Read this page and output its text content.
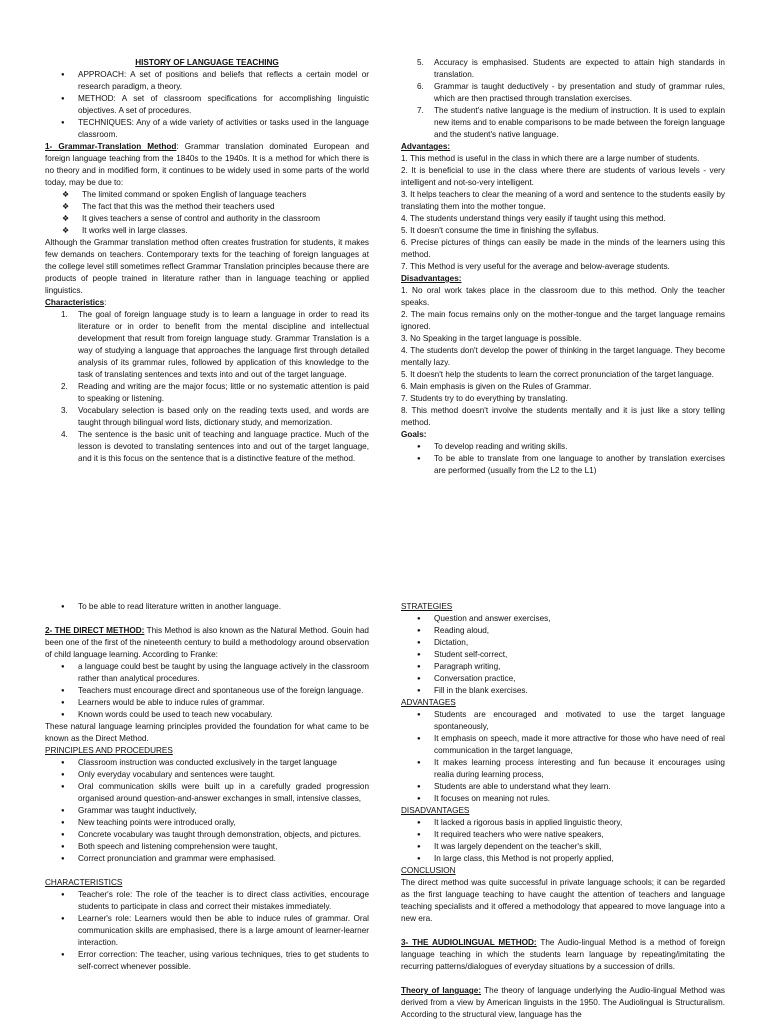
HISTORY OF LANGUAGE TEACHING

● APPROACH: A set of positions and beliefs that reflects a certain model or research paradigm, a theory.
● METHOD: A set of classroom specifications for accomplishing linguistic objectives. A set of procedures.
● TECHNIQUES: Any of a wide variety of activities or tasks used in the language classroom.

1- Grammar-Translation Method: Grammar translation dominated European and foreign language teaching from the 1840s to the 1940s. It is a method for which there is no theory and in modified form, it continues to be widely used in some parts of the world today, may be due to:

❖ The limited command or spoken English of language teachers
❖ The fact that this was the method their teachers used
❖ It gives teachers a sense of control and authority in the classroom
❖ It works well in large classes.

Although the Grammar translation method often creates frustration for students, it makes few demands on teachers. Contemporary texts for the teaching of foreign languages at the college level still sometimes reflect Grammar Translation principles because there are products of people trained in literature rather than in language teaching or applied linguistics.

Characteristics:

1. The goal of foreign language study is to learn a language in order to read its literature or in order to benefit from the mental discipline and intellectual development that result from foreign language study. Grammar Translation is a way of studying a language that approaches the language first through detailed analysis of its grammar rules, followed by application of this knowledge to the task of translating sentences and texts into and out of the target language.
2. Reading and writing are the major focus; little or no systematic attention is paid to speaking or listening.
3. Vocabulary selection is based only on the reading texts used, and words are taught through bilingual word lists, dictionary study, and memorization.
4. The sentence is the basic unit of teaching and language practice. Much of the lesson is devoted to translating sentences into and out of the target language, and it is this focus on the sentence that is a distinctive feature of the method.
5. Accuracy is emphasised. Students are expected to attain high standards in translation.
6. Grammar is taught deductively - by presentation and study of grammar rules, which are then practised through translation exercises.
7. The student's native language is the medium of instruction. It is used to explain new items and to enable comparisons to be made between the foreign language and the student's native language.

Advantages:

1. This method is useful in the class in which there are a large number of students.

2. It is beneficial to use in the class where there are students of various levels - very intelligent and not-so-very intelligent.

3. It helps teachers to clear the meaning of a word and sentence to the students easily by translating them into the mother tongue.

4. The students understand things very easily if taught using this method.

5. It doesn't consume the time in finishing the syllabus.

6. Precise pictures of things can easily be made in the minds of the learners using this method.

7. This Method is very useful for the average and below-average students.

Disadvantages:

1. No oral work takes place in the classroom due to this method. Only the teacher speaks.

2. The main focus remains only on the mother-tongue and the target language remains ignored.

3. No Speaking in the target language is possible.

4. The students don't develop the power of thinking in the target language. They become mentally lazy.

5. It doesn't help the students to learn the correct pronunciation of the target language.

6. Main emphasis is given on the Rules of Grammar.

7. Students try to do everything by translating.

8. This method doesn't involve the students mentally and it is just like a story telling method.

Goals:

● To develop reading and writing skills.
● To be able to translate from one language to another by translation exercises are performed (usually from the L2 to the L1)
● To be able to read literature written in another language.

2- THE DIRECT METHOD: This Method is also known as the Natural Method. Gouin had been one of the first of the nineteenth century to build a methodology around observation of child language learning. According to Franke:

● a language could best be taught by using the language actively in the classroom rather than analytical procedures.
● Teachers must encourage direct and spontaneous use of the foreign language.
● Learners would be able to induce rules of grammar.
● Known words could be used to teach new vocabulary.

These natural language learning principles provided the foundation for what came to be known as the Direct Method.

PRINCIPLES AND PROCEDURES

● Classroom instruction was conducted exclusively in the target language
● Only everyday vocabulary and sentences were taught.
● Oral communication skills were built up in a carefully graded progression organised around question-and-answer exchanges in small, intensive classes,
● Grammar was taught inductively,
● New teaching points were introduced orally,
● Concrete vocabulary was taught through demonstration, objects, and pictures.
● Both speech and listening comprehension were taught,
● Correct pronunciation and grammar were emphasised.

CHARACTERISTICS

● Teacher's role: The role of the teacher is to direct class activities, encourage students to participate in class and correct their mistakes immediately.
● Learner's role: Learners would then be able to induce rules of grammar. Oral communication skills are emphasised, there is a large amount of learner-learner interaction.
● Error correction: The teacher, using various techniques, tries to get students to self-correct whenever possible.

STRATEGIES

● Question and answer exercises,
● Reading aloud,
● Dictation,
● Student self-correct,
● Paragraph writing,
● Conversation practice,
● Fill in the blank exercises.

ADVANTAGES

● Students are encouraged and motivated to use the target language spontaneously,
● It emphasis on speech, made it more attractive for those who have need of real communication in the target language,
● It makes learning process interesting and fun because it encourages using realia during learning process,
● Students are able to understand what they learn.
● It focuses on meaning not rules.

DISADVANTAGES

● It lacked a rigorous basis in applied linguistic theory,
● It required teachers who were native speakers,
● It was largely dependent on the teacher's skill,
● In large class, this Method is not properly applied,

CONCLUSION

The direct method was quite successful in private language schools; it can be regarded as the first language teaching to have caught the attention of teachers and language teaching specialists and it offered a methodology that appeared to move language into a new era.

3- THE AUDIOLINGUAL METHOD: The Audio-lingual Method is a method of foreign language teaching in which the students learn language by repeating/imitating the recurring patterns/dialogues of everyday situations by a succession of drills.

Theory of language: The theory of language underlying the Audio-lingual Method was derived from a view by American linguists in the 1950. The Audiolingual is Structuralism. According to the structural view, language has the
